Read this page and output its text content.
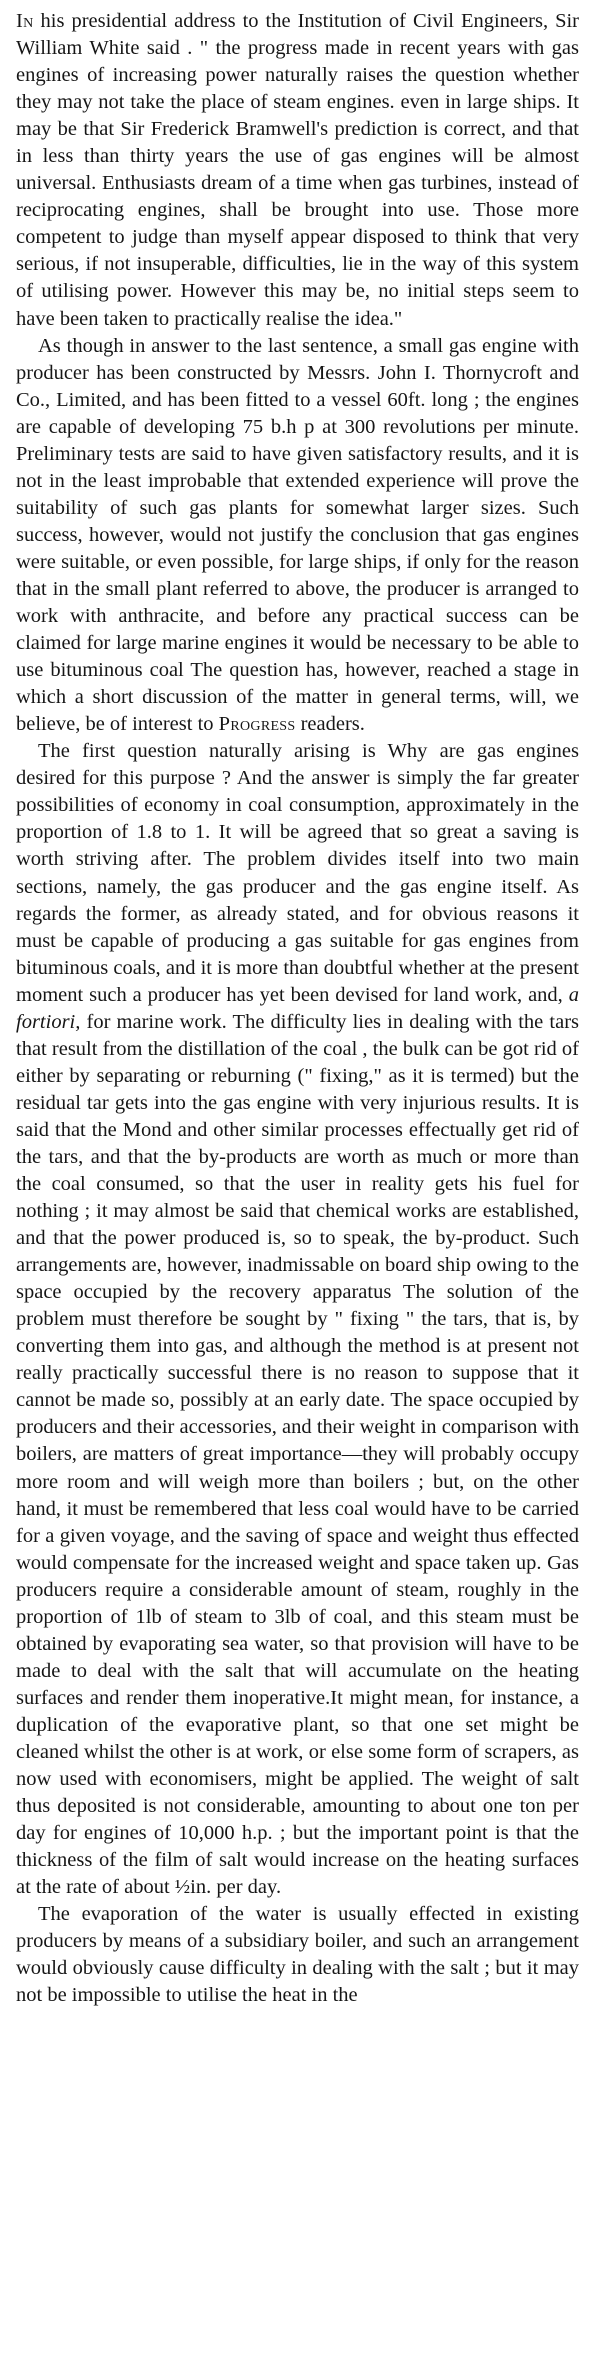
In his presidential address to the Institution of Civil Engineers, Sir William White said . " the progress made in recent years with gas engines of increasing power naturally raises the question whether they may not take the place of steam engines. even in large ships. It may be that Sir Frederick Bramwell's prediction is correct, and that in less than thirty years the use of gas engines will be almost universal. Enthusiasts dream of a time when gas turbines, instead of reciprocating engines, shall be brought into use. Those more competent to judge than myself appear disposed to think that very serious, if not insuperable, difficulties, lie in the way of this system of utilising power. However this may be, no initial steps seem to have been taken to practically realise the idea."

As though in answer to the last sentence, a small gas engine with producer has been constructed by Messrs. John I. Thornycroft and Co., Limited, and has been fitted to a vessel 60ft. long ; the engines are capable of developing 75 b.h p at 300 revolutions per minute. Preliminary tests are said to have given satisfactory results, and it is not in the least improbable that extended experience will prove the suitability of such gas plants for somewhat larger sizes. Such success, however, would not justify the conclusion that gas engines were suitable, or even possible, for large ships, if only for the reason that in the small plant referred to above, the producer is arranged to work with anthracite, and before any practical success can be claimed for large marine engines it would be necessary to be able to use bituminous coal The question has, however, reached a stage in which a short discussion of the matter in general terms, will, we believe, be of interest to Progress readers.

The first question naturally arising is Why are gas engines desired for this purpose ? And the answer is simply the far greater possibilities of economy in coal consumption, approximately in the proportion of 1.8 to 1. It will be agreed that so great a saving is worth striving after. The problem divides itself into two main sections, namely, the gas producer and the gas engine itself. As regards the former, as already stated, and for obvious reasons it must be capable of producing a gas suitable for gas engines from bituminous coals, and it is more than doubtful whether at the present moment such a producer has yet been devised for land work, and, a fortiori, for marine work. The difficulty lies in dealing with the tars that result from the distillation of the coal , the bulk can be got rid of either by separating or reburning (" fixing," as it is termed) but the residual tar gets into the gas engine with very injurious results. It is said that the Mond and other similar processes effectually get rid of the tars, and that the by-products are worth as much or more than the coal consumed, so that the user in reality gets his fuel for nothing ; it may almost be said that chemical works are established, and that the power produced is, so to speak, the by-product. Such arrangements are, however, inadmissable on board ship owing to the space occupied by the recovery apparatus The solution of the problem must therefore be sought by " fixing " the tars, that is, by converting them into gas, and although the method is at present not really practically successful there is no reason to suppose that it cannot be made so, possibly at an early date. The space occupied by producers and their accessories, and their weight in comparison with boilers, are matters of great importance—they will probably occupy more room and will weigh more than boilers ; but, on the other hand, it must be remembered that less coal would have to be carried for a given voyage, and the saving of space and weight thus effected would compensate for the increased weight and space taken up. Gas producers require a considerable amount of steam, roughly in the proportion of 1lb of steam to 3lb of coal, and this steam must be obtained by evaporating sea water, so that provision will have to be made to deal with the salt that will accumulate on the heating surfaces and render them inoperative.It might mean, for instance, a duplication of the evaporative plant, so that one set might be cleaned whilst the other is at work, or else some form of scrapers, as now used with economisers, might be applied. The weight of salt thus deposited is not considerable, amounting to about one ton per day for engines of 10,000 h.p. ; but the important point is that the thickness of the film of salt would increase on the heating surfaces at the rate of about ½in. per day.

The evaporation of the water is usually effected in existing producers by means of a subsidiary boiler, and such an arrangement would obviously cause difficulty in dealing with the salt ; but it may not be impossible to utilise the heat in the
